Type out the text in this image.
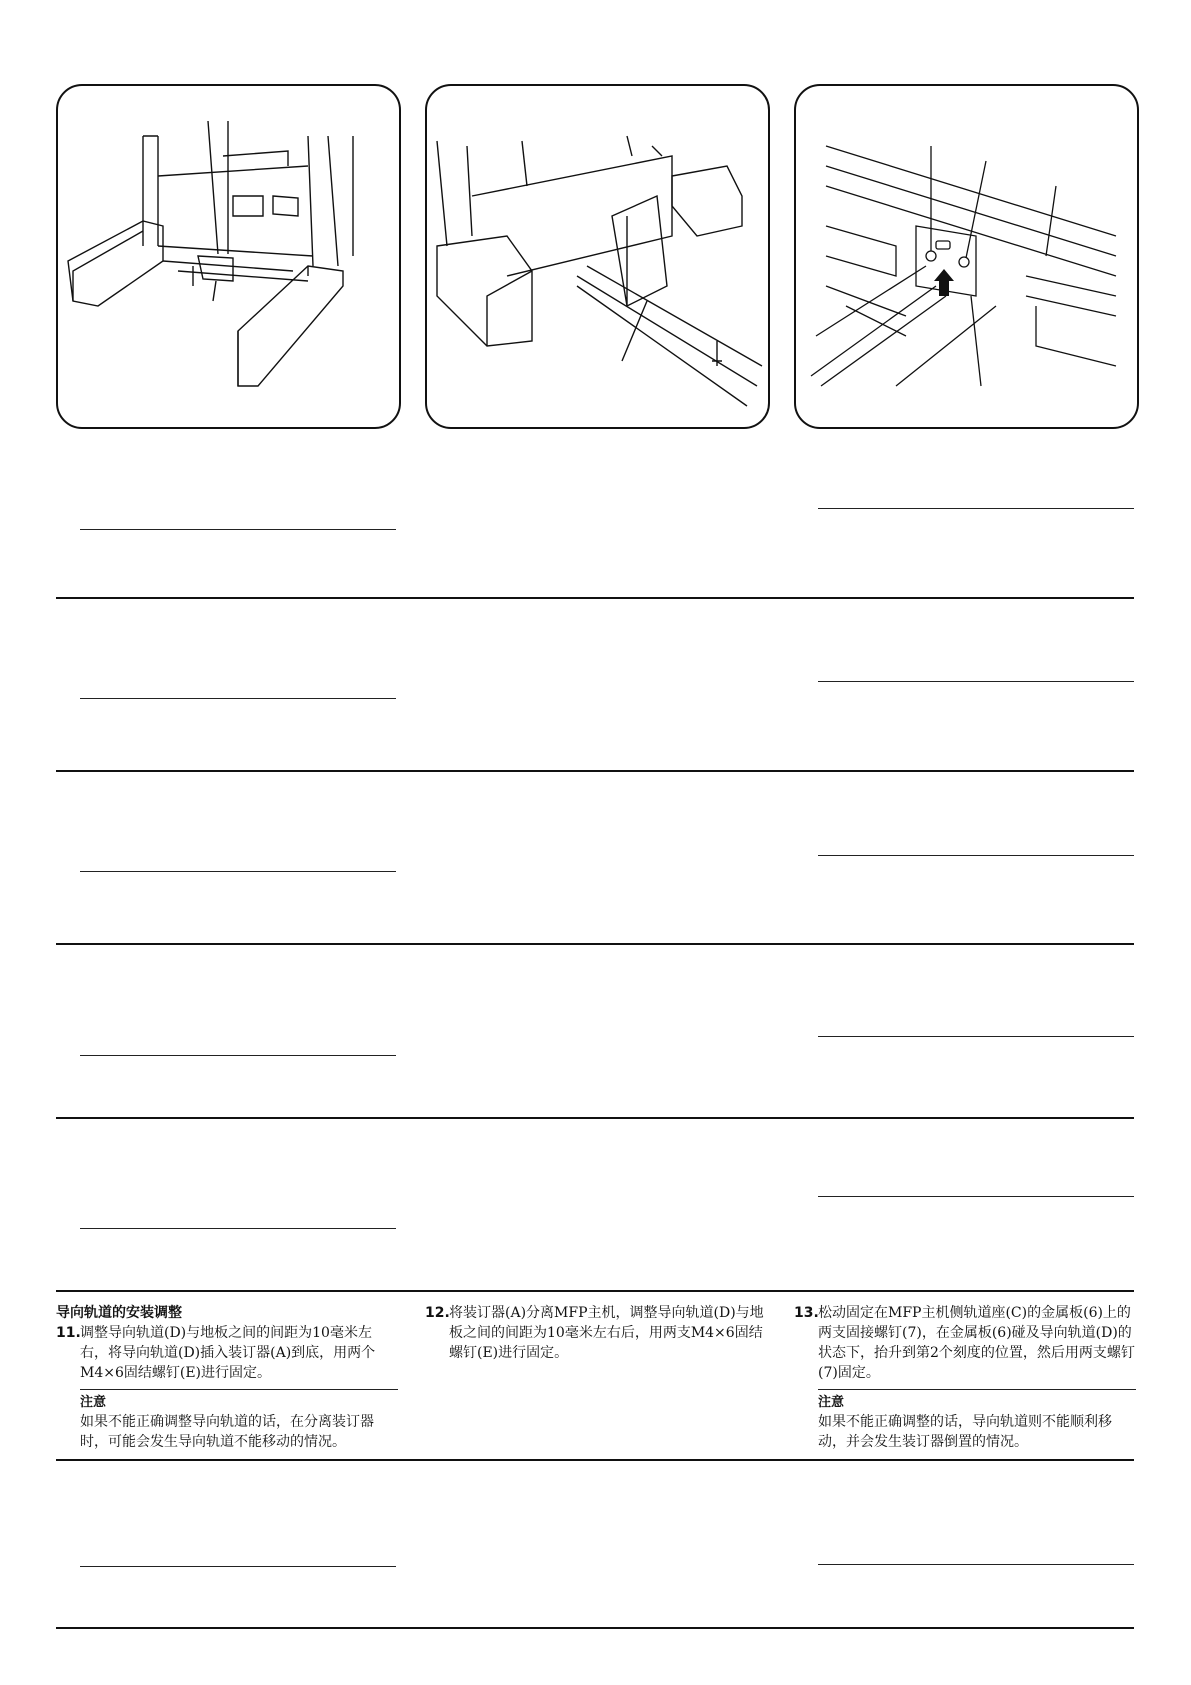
导向轨道的安装调整
11. 调整导向轨道(D)与地板之间的间距为10毫米左右，将导向轨道(D)插入装订器(A)到底，用两个M4×6固结螺钉(E)进行固定。
注意
如果不能正确调整导向轨道的话，在分离装订器时，可能会发生导向轨道不能移动的情况。
12. 将装订器(A)分离MFP主机，调整导向轨道(D)与地板之间的间距为10毫米左右后，用两支M4×6固结螺钉(E)进行固定。
13. 松动固定在MFP主机侧轨道座(C)的金属板(6)上的两支固接螺钉(7)，在金属板(6)碰及导向轨道(D)的状态下，抬升到第2个刻度的位置，然后用两支螺钉(7)固定。
注意
如果不能正确调整的话，导向轨道则不能顺利移动，并会发生装订器倒置的情况。
